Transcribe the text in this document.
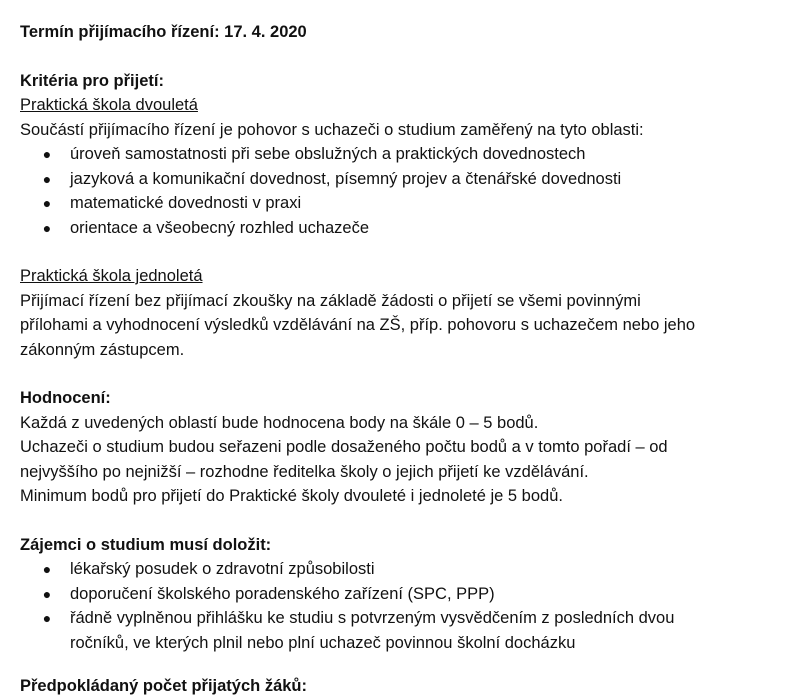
Termín přijímacího řízení: 17. 4. 2020

Kritéria pro přijetí:

Praktická škola dvouletá

Součástí přijímacího řízení je pohovor s uchazeči o studium zaměřený na tyto oblasti:

● úroveň samostatnosti při sebe obslužných a praktických dovednostech
● jazyková a komunikační dovednost, písemný projev a čtenářské dovednosti
● matematické dovednosti v praxi
● orientace a všeobecný rozhled uchazeče

Praktická škola jednoletá

Přijímací řízení bez přijímací zkoušky na základě žádosti o přijetí se všemi povinnými

přílohami a vyhodnocení výsledků vzdělávání na ZŠ, příp. pohovoru s uchazečem nebo jeho

zákonným zástupcem.

Hodnocení:

Každá z uvedených oblastí bude hodnocena body na škále 0 – 5 bodů.

Uchazeči o studium budou seřazeni podle dosaženého počtu bodů a v tomto pořadí – od

nejvyššího po nejnižší – rozhodne ředitelka školy o jejich přijetí ke vzdělávání.

Minimum bodů pro přijetí do Praktické školy dvouleté i jednoleté je 5 bodů.

Zájemci o studium musí doložit:

● lékařský posudek o zdravotní způsobilosti
● doporučení školského poradenského zařízení (SPC, PPP)
● řádně vyplněnou přihlášku ke studiu s potvrzeným vysvědčením z posledních dvou
ročníků, ve kterých plnil nebo plní uchazeč povinnou školní docházku

Předpokládaný počet přijatých žáků:
